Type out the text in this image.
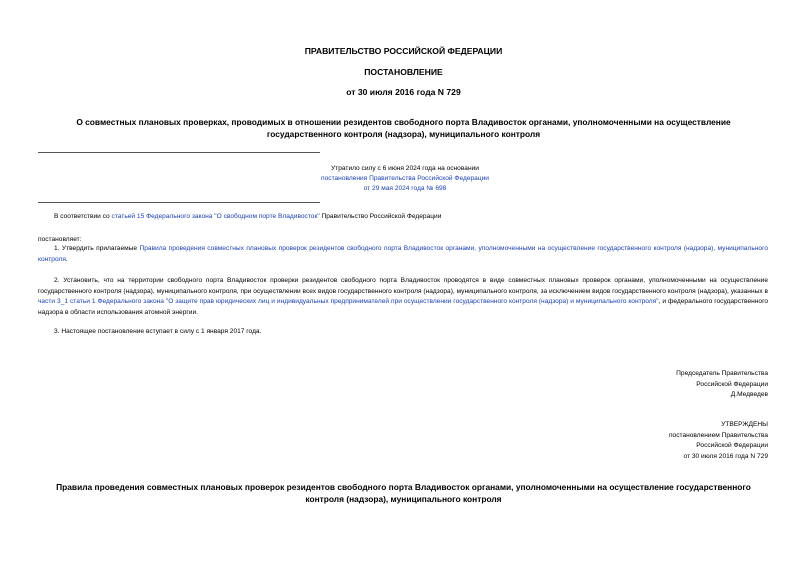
ПРАВИТЕЛЬСТВО РОССИЙСКОЙ ФЕДЕРАЦИИ
ПОСТАНОВЛЕНИЕ
от 30 июля 2016 года N 729
О совместных плановых проверках, проводимых в отношении резидентов свободного порта Владивосток органами, уполномоченными на осуществление государственного контроля (надзора), муниципального контроля
Утратило силу с 6 июня 2024 года на основании
постановления Правительства Российской Федерации
от 29 мая 2024 года № 698
В соответствии со статьей 15 Федерального закона "О свободном порте Владивосток" Правительство Российской Федерации
постановляет:
1. Утвердить прилагаемые Правила проведения совместных плановых проверок резидентов свободного порта Владивосток органами, уполномоченными на осуществление государственного контроля (надзора), муниципального контроля.
2. Установить, что на территории свободного порта Владивосток проверки резидентов свободного порта Владивосток проводятся в виде совместных плановых проверок органами, уполномоченными на осуществление государственного контроля (надзора), муниципального контроля, при осуществлении всех видов государственного контроля (надзора), муниципального контроля, за исключением видов государственного контроля (надзора), указанных в части 3_1 статьи 1 Федерального закона "О защите прав юридических лиц и индивидуальных предпринимателей при осуществлении государственного контроля (надзора) и муниципального контроля", и федерального государственного надзора в области использования атомной энергии.
3. Настоящее постановление вступает в силу с 1 января 2017 года.
Председатель Правительства
Российской Федерации
Д.Медведев
УТВЕРЖДЕНЫ
постановлением Правительства
Российской Федерации
от 30 июля 2016 года N 729
Правила проведения совместных плановых проверок резидентов свободного порта Владивосток органами, уполномоченными на осуществление государственного контроля (надзора), муниципального контроля
